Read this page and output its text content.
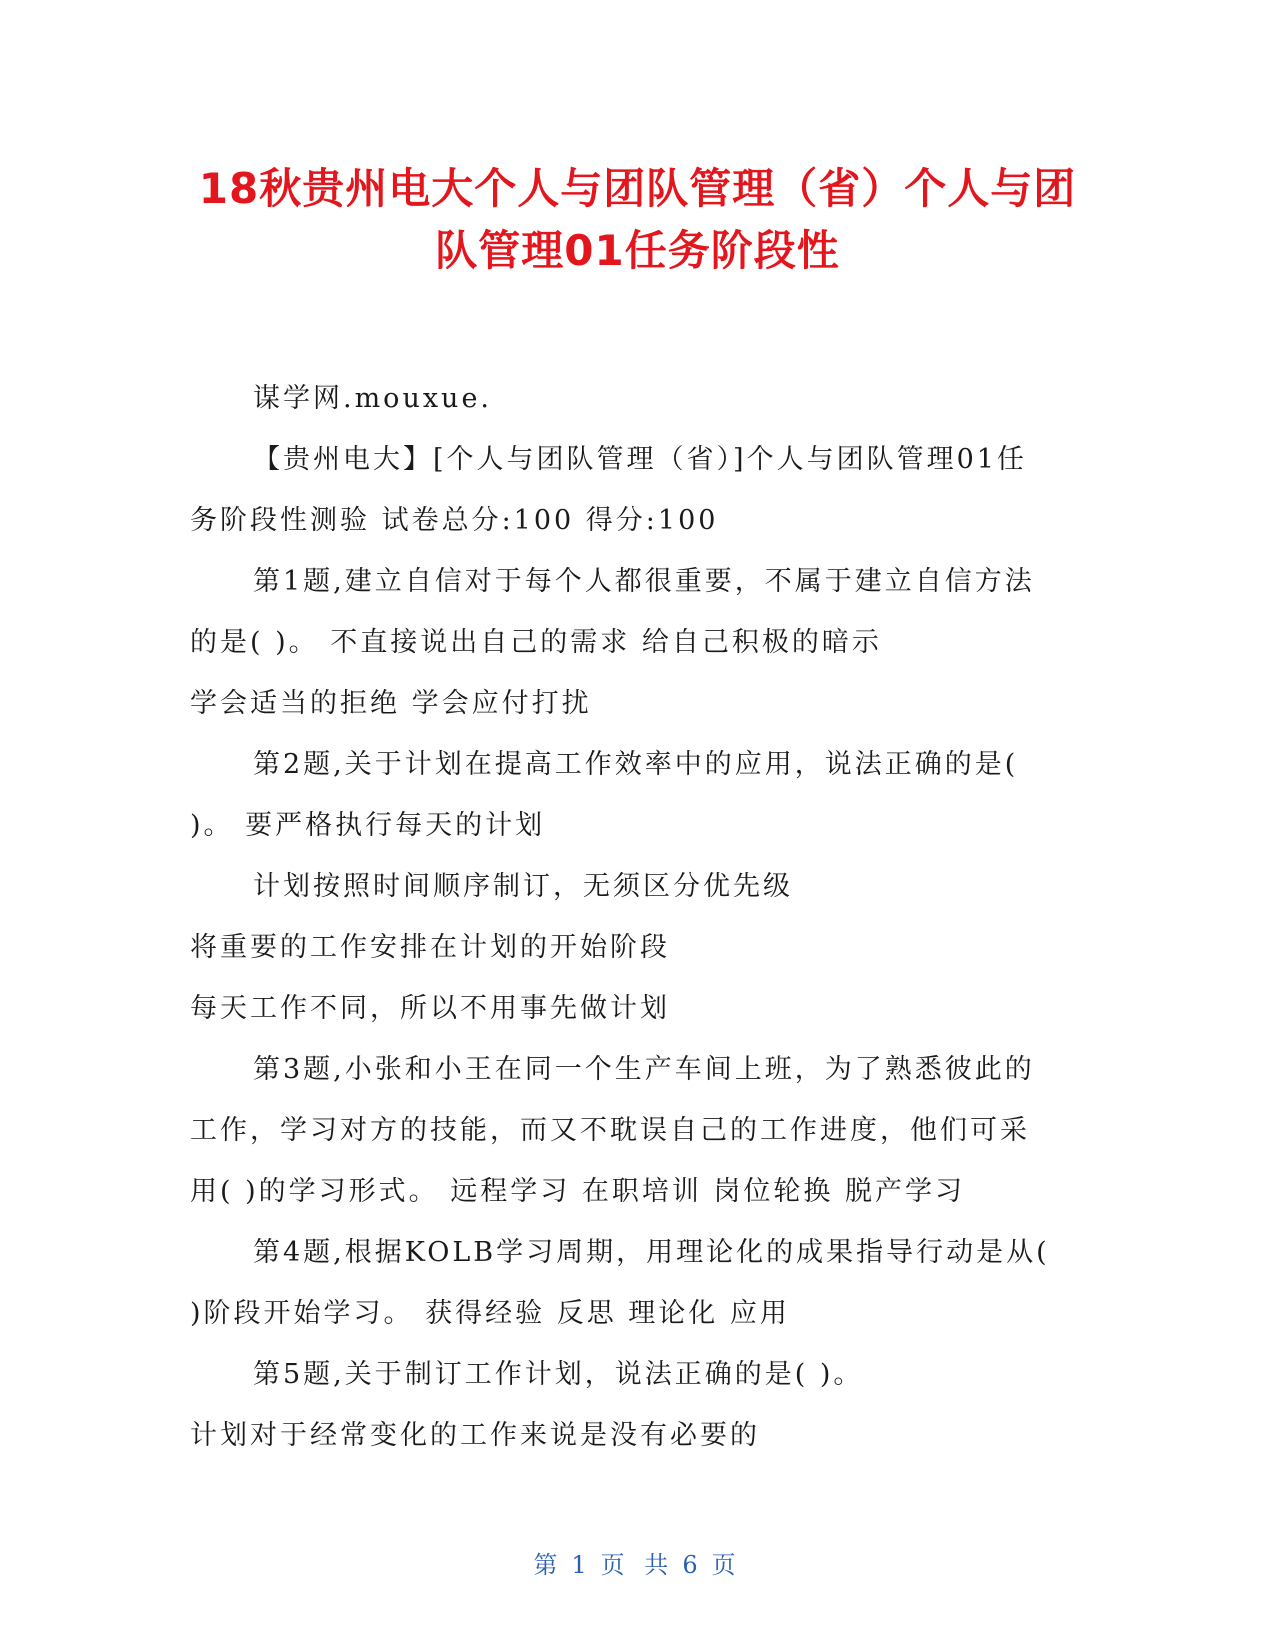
18秋贵州电大个人与团队管理（省）个人与团
队管理01任务阶段性
谋学网.mouxue.
【贵州电大】[个人与团队管理（省）]个人与团队管理01任
务阶段性测验 试卷总分:100 得分:100
第1题,建立自信对于每个人都很重要，不属于建立自信方法
的是( )。 不直接说出自己的需求 给自己积极的暗示
学会适当的拒绝 学会应付打扰
第2题,关于计划在提高工作效率中的应用，说法正确的是(
)。 要严格执行每天的计划
计划按照时间顺序制订，无须区分优先级
将重要的工作安排在计划的开始阶段
每天工作不同，所以不用事先做计划
第3题,小张和小王在同一个生产车间上班，为了熟悉彼此的
工作，学习对方的技能，而又不耽误自己的工作进度，他们可采
用( )的学习形式。 远程学习 在职培训 岗位轮换 脱产学习
第4题,根据KOLB学习周期，用理论化的成果指导行动是从(
)阶段开始学习。 获得经验 反思 理论化 应用
第5题,关于制订工作计划，说法正确的是( )。
计划对于经常变化的工作来说是没有必要的
第 1 页 共 6 页
